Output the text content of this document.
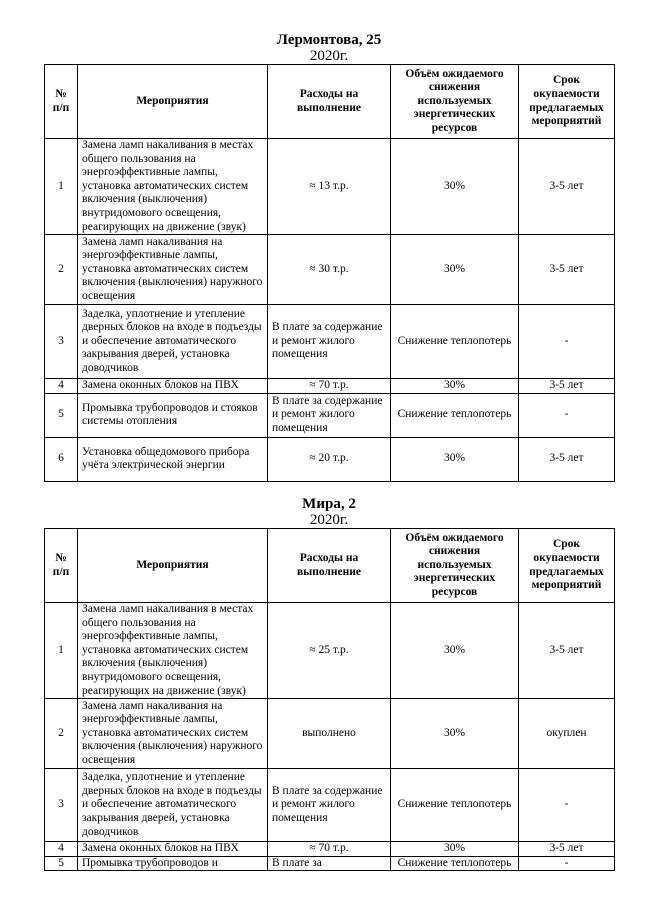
Лермонтова, 25
2020г.
№ п/п	Мероприятия	Расходы на выполнение	Объём ожидаемого снижения используемых энергетических ресурсов	Срок окупаемости предлагаемых мероприятий
1	Замена ламп накаливания в местах общего пользования на энергоэффективные лампы, установка автоматических систем включения (выключения) внутридомового освещения, реагирующих на движение (звук)	≈ 13 т.р.	30%	3-5 лет
2	Замена ламп накаливания на энергоэффективные лампы, установка автоматических систем включения (выключения) наружного освещения	≈ 30 т.р.	30%	3-5 лет
3	Заделка, уплотнение и утепление дверных блоков на входе в подъезды и обеспечение автоматического закрывания дверей, установка доводчиков	В плате за содержание и ремонт жилого помещения	Снижение теплопотерь	-
4	Замена оконных блоков на ПВХ	≈ 70 т.р.	30%	3-5 лет
5	Промывка трубопроводов и стояков системы отопления	В плате за содержание и ремонт жилого помещения	Снижение теплопотерь	-
6	Установка общедомового прибора учёта электрической энергии	≈ 20 т.р.	30%	3-5 лет
Мира, 2
2020г.
№ п/п	Мероприятия	Расходы на выполнение	Объём ожидаемого снижения используемых энергетических ресурсов	Срок окупаемости предлагаемых мероприятий
1	Замена ламп накаливания в местах общего пользования на энергоэффективные лампы, установка автоматических систем включения (выключения) внутридомового освещения, реагирующих на движение (звук)	≈ 25 т.р.	30%	3-5 лет
2	Замена ламп накаливания на энергоэффективные лампы, установка автоматических систем включения (выключения) наружного освещения	выполнено	30%	окуплен
3	Заделка, уплотнение и утепление дверных блоков на входе в подъезды и обеспечение автоматического закрывания дверей, установка доводчиков	В плате за содержание и ремонт жилого помещения	Снижение теплопотерь	-
4	Замена оконных блоков на ПВХ	≈ 70 т.р.	30%	3-5 лет
5	Промывка трубопроводов и	В плате за	Снижение теплопотерь	-
